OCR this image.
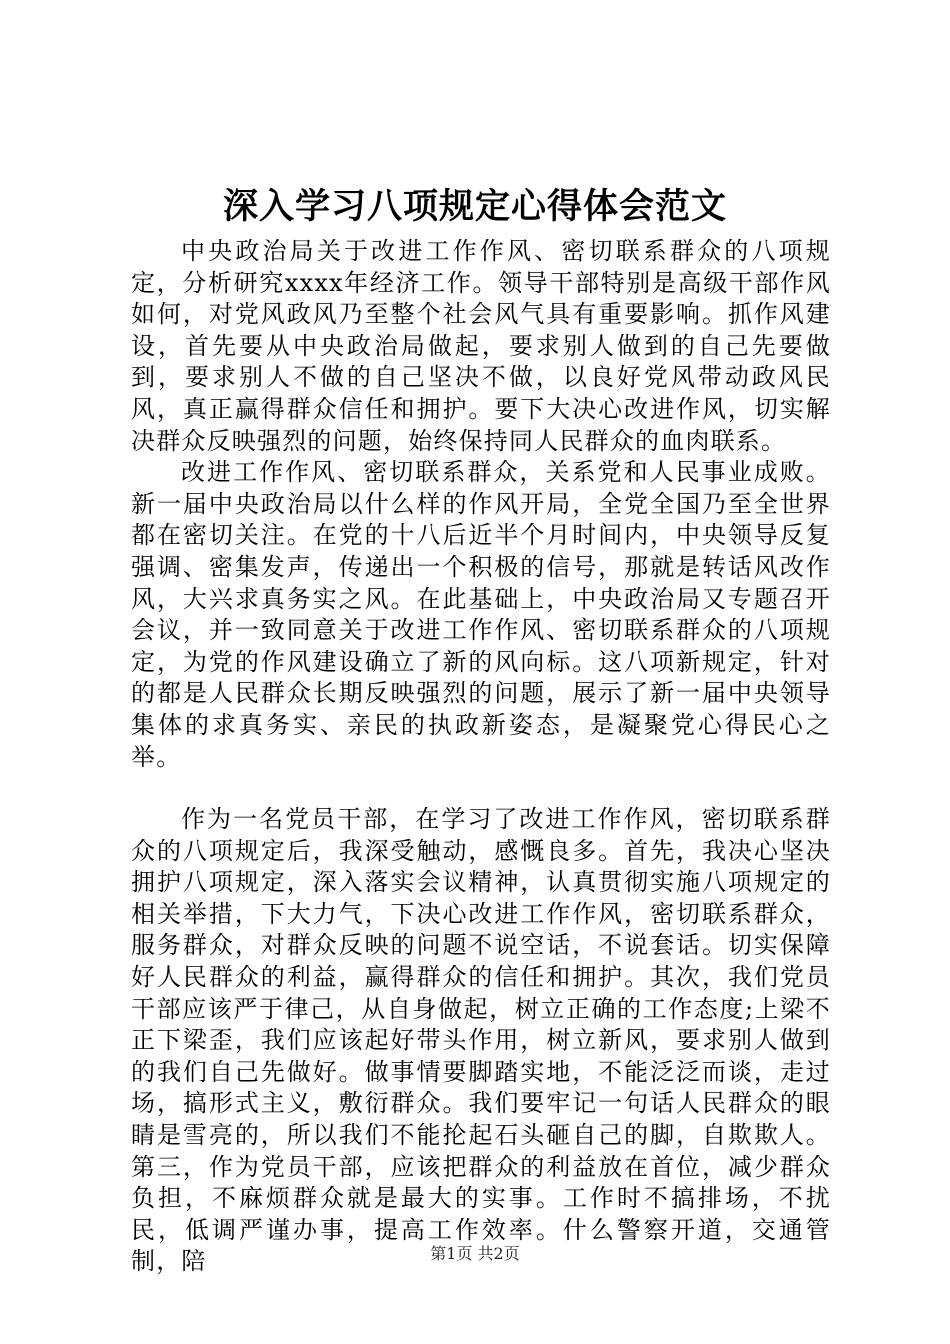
深入学习八项规定心得体会范文

中央政治局关于改进工作作风、密切联系群众的八项规定，分析研究xxxx年经济工作。领导干部特别是高级干部作风如何，对党风政风乃至整个社会风气具有重要影响。抓作风建设，首先要从中央政治局做起，要求别人做到的自己先要做到，要求别人不做的自己坚决不做，以良好党风带动政风民风，真正赢得群众信任和拥护。要下大决心改进作风，切实解决群众反映强烈的问题，始终保持同人民群众的血肉联系。

改进工作作风、密切联系群众，关系党和人民事业成败。新一届中央政治局以什么样的作风开局，全党全国乃至全世界都在密切关注。在党的十八后近半个月时间内，中央领导反复强调、密集发声，传递出一个积极的信号，那就是转话风改作风，大兴求真务实之风。在此基础上，中央政治局又专题召开会议，并一致同意关于改进工作作风、密切联系群众的八项规定，为党的作风建设确立了新的风向标。这八项新规定，针对的都是人民群众长期反映强烈的问题，展示了新一届中央领导集体的求真务实、亲民的执政新姿态，是凝聚党心得民心之举。

作为一名党员干部，在学习了改进工作作风，密切联系群众的八项规定后，我深受触动，感慨良多。首先，我决心坚决拥护八项规定，深入落实会议精神，认真贯彻实施八项规定的相关举措，下大力气，下决心改进工作作风，密切联系群众，服务群众，对群众反映的问题不说空话，不说套话。切实保障好人民群众的利益，赢得群众的信任和拥护。其次，我们党员干部应该严于律己，从自身做起，树立正确的工作态度;上梁不正下梁歪，我们应该起好带头作用，树立新风，要求别人做到的我们自己先做好。做事情要脚踏实地，不能泛泛而谈，走过场，搞形式主义，敷衍群众。我们要牢记一句话人民群众的眼睛是雪亮的，所以我们不能抡起石头砸自己的脚，自欺欺人。第三，作为党员干部，应该把群众的利益放在首位，减少群众负担，不麻烦群众就是最大的实事。工作时不搞排场，不扰民，低调严谨办事，提高工作效率。什么警察开道，交通管制，陪	第1页 共2页
